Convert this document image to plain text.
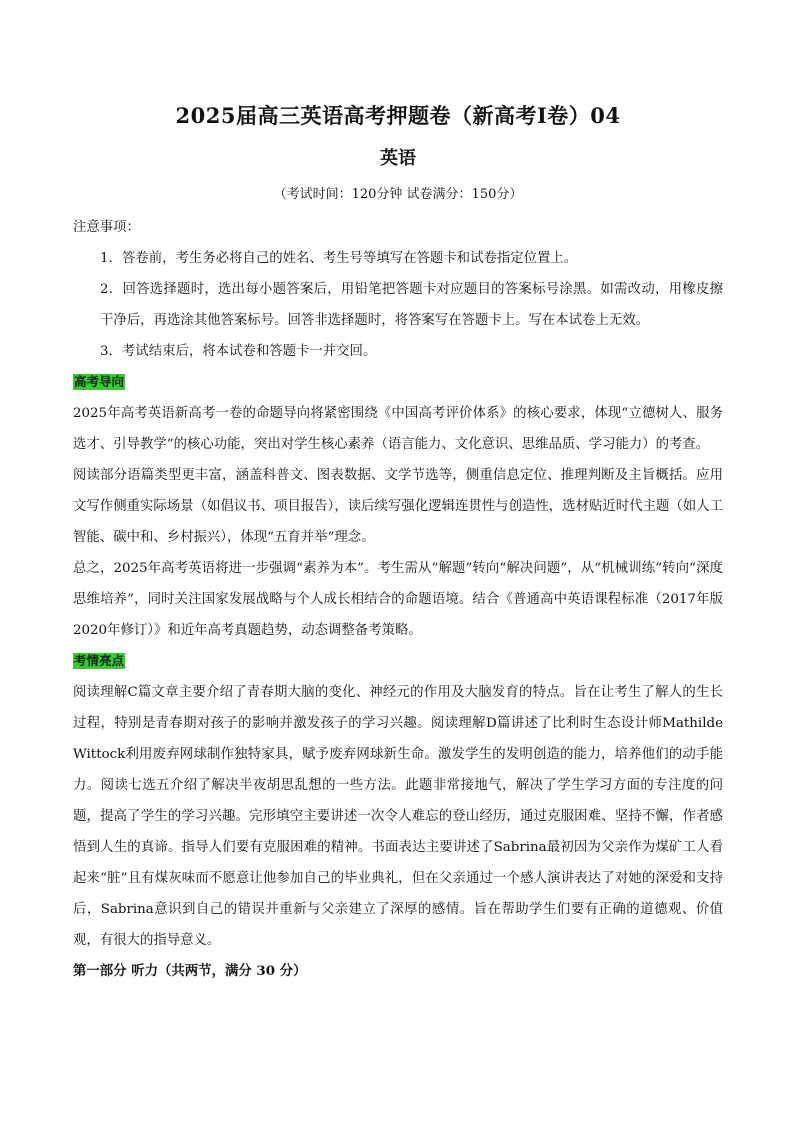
2025届高三英语高考押题卷（新高考I卷）04
英语
（考试时间：120分钟 试卷满分：150分）

注意事项：

1．答卷前，考生务必将自己的姓名、考生号等填写在答题卡和试卷指定位置上。

2．回答选择题时，选出每小题答案后，用铅笔把答题卡对应题目的答案标号涂黑。如需改动，用橡皮擦干净后，再选涂其他答案标号。回答非选择题时，将答案写在答题卡上。写在本试卷上无效。

3．考试结束后，将本试卷和答题卡一并交回。

高考导向

2025年高考英语新高考一卷的命题导向将紧密围绕《中国高考评价体系》的核心要求，体现“立德树人、服务选才、引导教学”的核心功能，突出对学生核心素养（语言能力、文化意识、思维品质、学习能力）的考查。

阅读部分语篇类型更丰富，涵盖科普文、图表数据、文学节选等，侧重信息定位、推理判断及主旨概括。应用文写作侧重实际场景（如倡议书、项目报告），读后续写强化逻辑连贯性与创造性，选材贴近时代主题（如人工智能、碳中和、乡村振兴），体现“五育并举”理念。

总之，2025年高考英语将进一步强调“素养为本”。考生需从“解题”转向“解决问题”，从“机械训练”转向“深度思维培养”，同时关注国家发展战略与个人成长相结合的命题语境。结合《普通高中英语课程标准（2017年版2020年修订）》和近年高考真题趋势，动态调整备考策略。

考情亮点

阅读理解C篇文章主要介绍了青春期大脑的变化、神经元的作用及大脑发育的特点。旨在让考生了解人的生长过程，特别是青春期对孩子的影响并激发孩子的学习兴趣。阅读理解D篇讲述了比利时生态设计师Mathilde Wittock利用废弃网球制作独特家具，赋予废弃网球新生命。激发学生的发明创造的能力，培养他们的动手能力。阅读七选五介绍了解决半夜胡思乱想的一些方法。此题非常接地气，解决了学生学习方面的专注度的问题，提高了学生的学习兴趣。完形填空主要讲述一次令人难忘的登山经历，通过克服困难、坚持不懈，作者感悟到人生的真谛。指导人们要有克服困难的精神。书面表达主要讲述了Sabrina最初因为父亲作为煤矿工人看起来“脏”且有煤灰味而不愿意让他参加自己的毕业典礼，但在父亲通过一个感人演讲表达了对她的深爱和支持后，Sabrina意识到自己的错误并重新与父亲建立了深厚的感情。旨在帮助学生们要有正确的道德观、价值观，有很大的指导意义。

第一部分 听力（共两节，满分 30 分）
